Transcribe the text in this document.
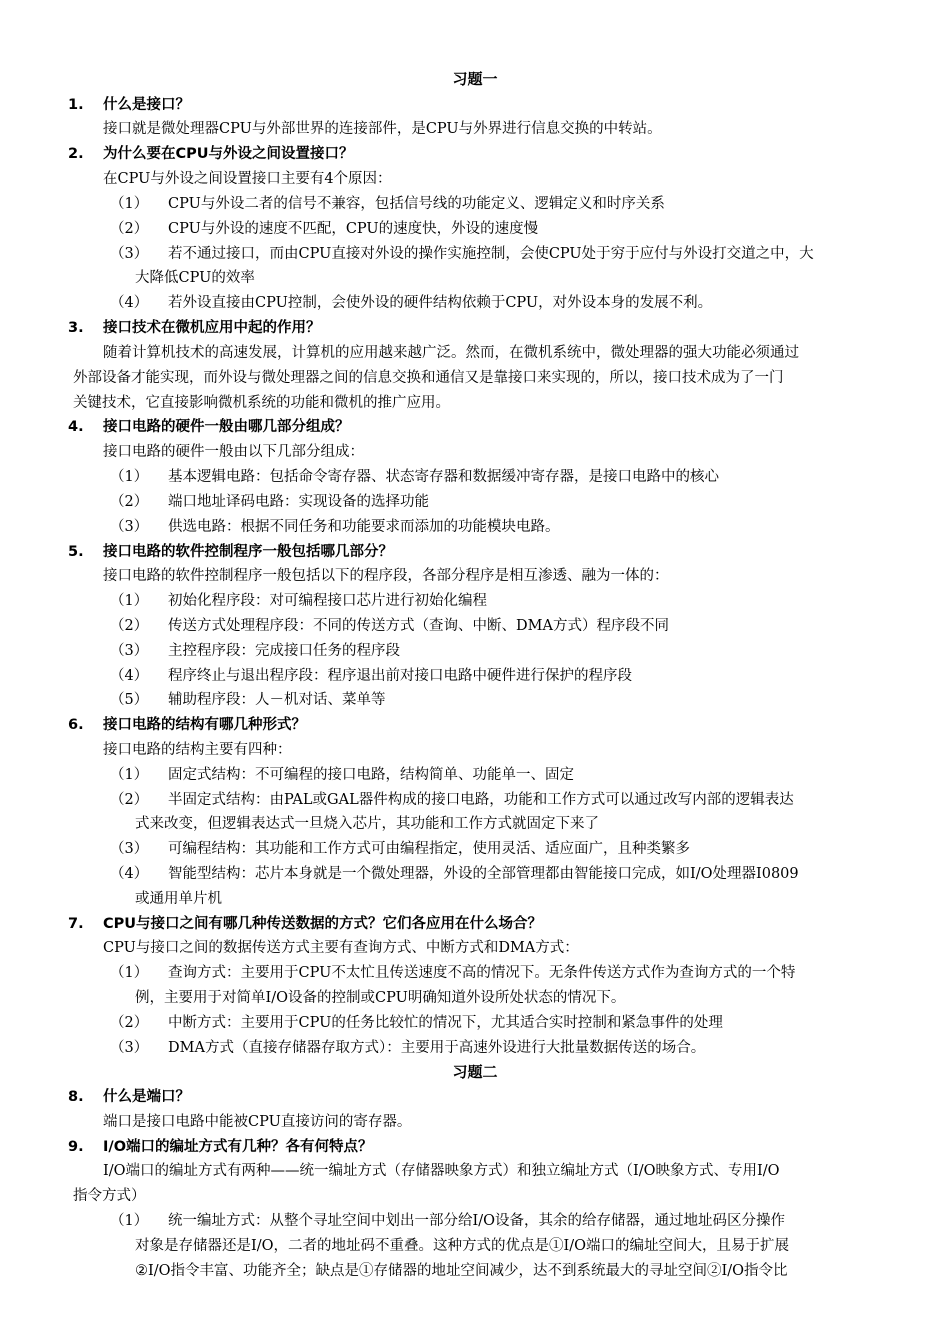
习题一
1. 什么是接口？
接口就是微处理器CPU与外部世界的连接部件，是CPU与外界进行信息交换的中转站。
2. 为什么要在CPU与外设之间设置接口？
在CPU与外设之间设置接口主要有4个原因：
（1） CPU与外设二者的信号不兼容，包括信号线的功能定义、逻辑定义和时序关系
（2） CPU与外设的速度不匹配，CPU的速度快，外设的速度慢
（3） 若不通过接口，而由CPU直接对外设的操作实施控制，会使CPU处于穷于应付与外设打交道之中，大
大降低CPU的效率
（4） 若外设直接由CPU控制，会使外设的硬件结构依赖于CPU，对外设本身的发展不利。
3. 接口技术在微机应用中起的作用？
随着计算机技术的高速发展，计算机的应用越来越广泛。然而，在微机系统中，微处理器的强大功能必须通过
外部设备才能实现，而外设与微处理器之间的信息交换和通信又是靠接口来实现的，所以，接口技术成为了一门
关键技术，它直接影响微机系统的功能和微机的推广应用。
4. 接口电路的硬件一般由哪几部分组成？
接口电路的硬件一般由以下几部分组成：
（1） 基本逻辑电路：包括命令寄存器、状态寄存器和数据缓冲寄存器，是接口电路中的核心
（2） 端口地址译码电路：实现设备的选择功能
（3） 供选电路：根据不同任务和功能要求而添加的功能模块电路。
5. 接口电路的软件控制程序一般包括哪几部分？
接口电路的软件控制程序一般包括以下的程序段，各部分程序是相互渗透、融为一体的：
（1） 初始化程序段：对可编程接口芯片进行初始化编程
（2） 传送方式处理程序段：不同的传送方式（查询、中断、DMA方式）程序段不同
（3） 主控程序段：完成接口任务的程序段
（4） 程序终止与退出程序段：程序退出前对接口电路中硬件进行保护的程序段
（5） 辅助程序段：人－机对话、菜单等
6. 接口电路的结构有哪几种形式？
接口电路的结构主要有四种：
（1） 固定式结构：不可编程的接口电路，结构简单、功能单一、固定
（2） 半固定式结构：由PAL或GAL器件构成的接口电路，功能和工作方式可以通过改写内部的逻辑表达
式来改变，但逻辑表达式一旦烧入芯片，其功能和工作方式就固定下来了
（3） 可编程结构：其功能和工作方式可由编程指定，使用灵活、适应面广，且种类繁多
（4） 智能型结构：芯片本身就是一个微处理器，外设的全部管理都由智能接口完成，如I/O处理器I0809
或通用单片机
7. CPU与接口之间有哪几种传送数据的方式？它们各应用在什么场合？
CPU与接口之间的数据传送方式主要有查询方式、中断方式和DMA方式：
（1） 查询方式：主要用于CPU不太忙且传送速度不高的情况下。无条件传送方式作为查询方式的一个特
例，主要用于对简单I/O设备的控制或CPU明确知道外设所处状态的情况下。
（2） 中断方式：主要用于CPU的任务比较忙的情况下，尤其适合实时控制和紧急事件的处理
（3） DMA方式（直接存储器存取方式）：主要用于高速外设进行大批量数据传送的场合。
习题二
8. 什么是端口？
端口是接口电路中能被CPU直接访问的寄存器。
9. I/O端口的编址方式有几种？各有何特点？
I/O端口的编址方式有两种——统一编址方式（存储器映象方式）和独立编址方式（I/O映象方式、专用I/O
指令方式）
（1） 统一编址方式：从整个寻址空间中划出一部分给I/O设备，其余的给存储器，通过地址码区分操作
对象是存储器还是I/O，二者的地址码不重叠。这种方式的优点是①I/O端口的编址空间大，且易于扩展
②I/O指令丰富、功能齐全；缺点是①存储器的地址空间减少，达不到系统最大的寻址空间②I/O指令比
